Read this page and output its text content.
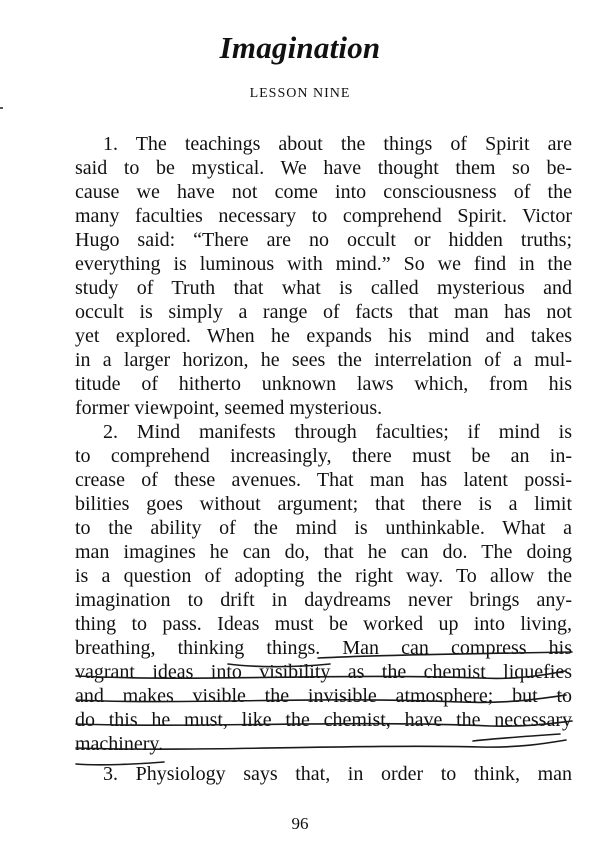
Imagination
LESSON NINE
1. The teachings about the things of Spirit are
said to be mystical. We have thought them so be-
cause we have not come into consciousness of the
many faculties necessary to comprehend Spirit. Victor
Hugo said: “There are no occult or hidden truths;
everything is luminous with mind.” So we find in the
study of Truth that what is called mysterious and
occult is simply a range of facts that man has not
yet explored. When he expands his mind and takes
in a larger horizon, he sees the interrelation of a mul-
titude of hitherto unknown laws which, from his
former viewpoint, seemed mysterious.
2. Mind manifests through faculties; if mind is
to comprehend increasingly, there must be an in-
crease of these avenues. That man has latent possi-
bilities goes without argument; that there is a limit
to the ability of the mind is unthinkable. What a
man imagines he can do, that he can do. The doing
is a question of adopting the right way. To allow the
imagination to drift in daydreams never brings any-
thing to pass. Ideas must be worked up into living,
breathing, thinking things. Man can compress his
vagrant ideas into visibility as the chemist liquefies
and makes visible the invisible atmosphere; but to
do this he must, like the chemist, have the necessary
machinery.
3. Physiology says that, in order to think, man
96
